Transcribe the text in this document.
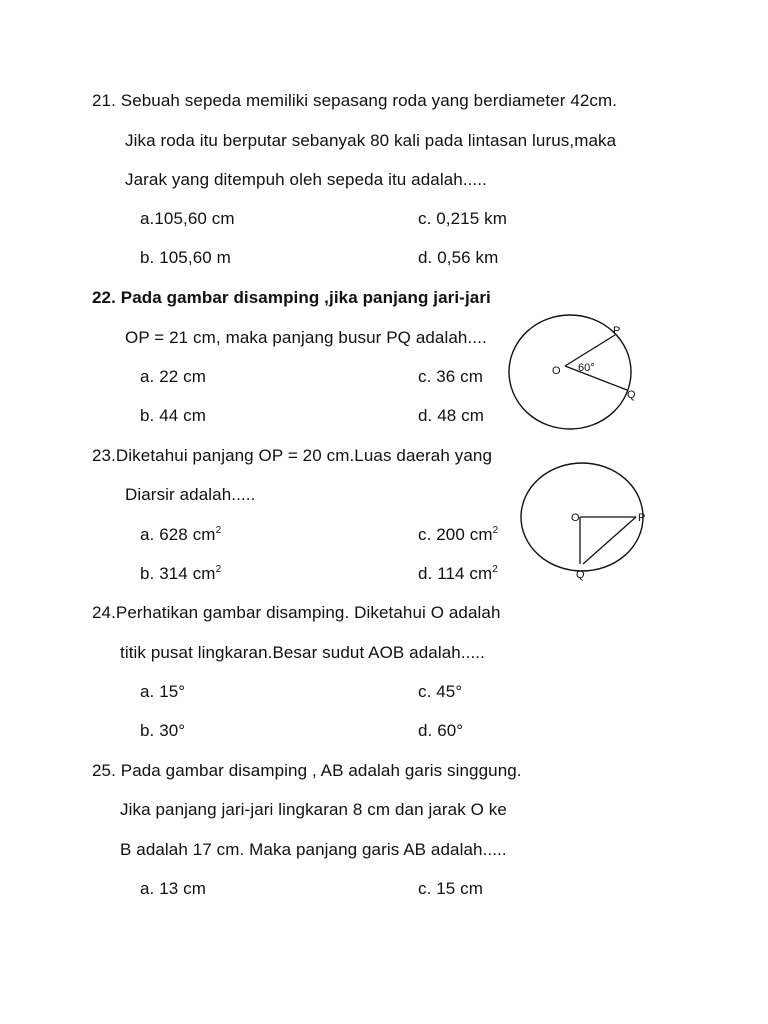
21. Sebuah sepeda memiliki sepasang roda yang berdiameter 42cm.

Jika roda itu berputar sebanyak 80 kali pada lintasan lurus,maka

Jarak yang ditempuh oleh sepeda itu adalah.....

a.105,60 cm	c. 0,215 km

b. 105,60 m	d. 0,56 km

22. Pada gambar disamping ,jika panjang jari-jari

OP = 21 cm, maka panjang busur PQ adalah....

a. 22 cm	c. 36 cm

b. 44 cm	d. 48 cm

O
P
Q
60°

23.Diketahui panjang OP = 20 cm.Luas daerah yang

Diarsir adalah.....

a. 628 $cm^2$	c. 200 $cm^2$

b. 314 $cm^2$	d. 114 $cm^2$

O	P
Q

24.Perhatikan gambar disamping. Diketahui O adalah

titik pusat lingkaran.Besar sudut AOB adalah.....

a. 15°	c. 45°

b. 30°	d. 60°

25. Pada gambar disamping , AB adalah garis singgung.

Jika panjang jari-jari lingkaran 8 cm dan jarak O ke

B adalah 17 cm. Maka panjang garis AB adalah.....

a. 13 cm	c. 15 cm
